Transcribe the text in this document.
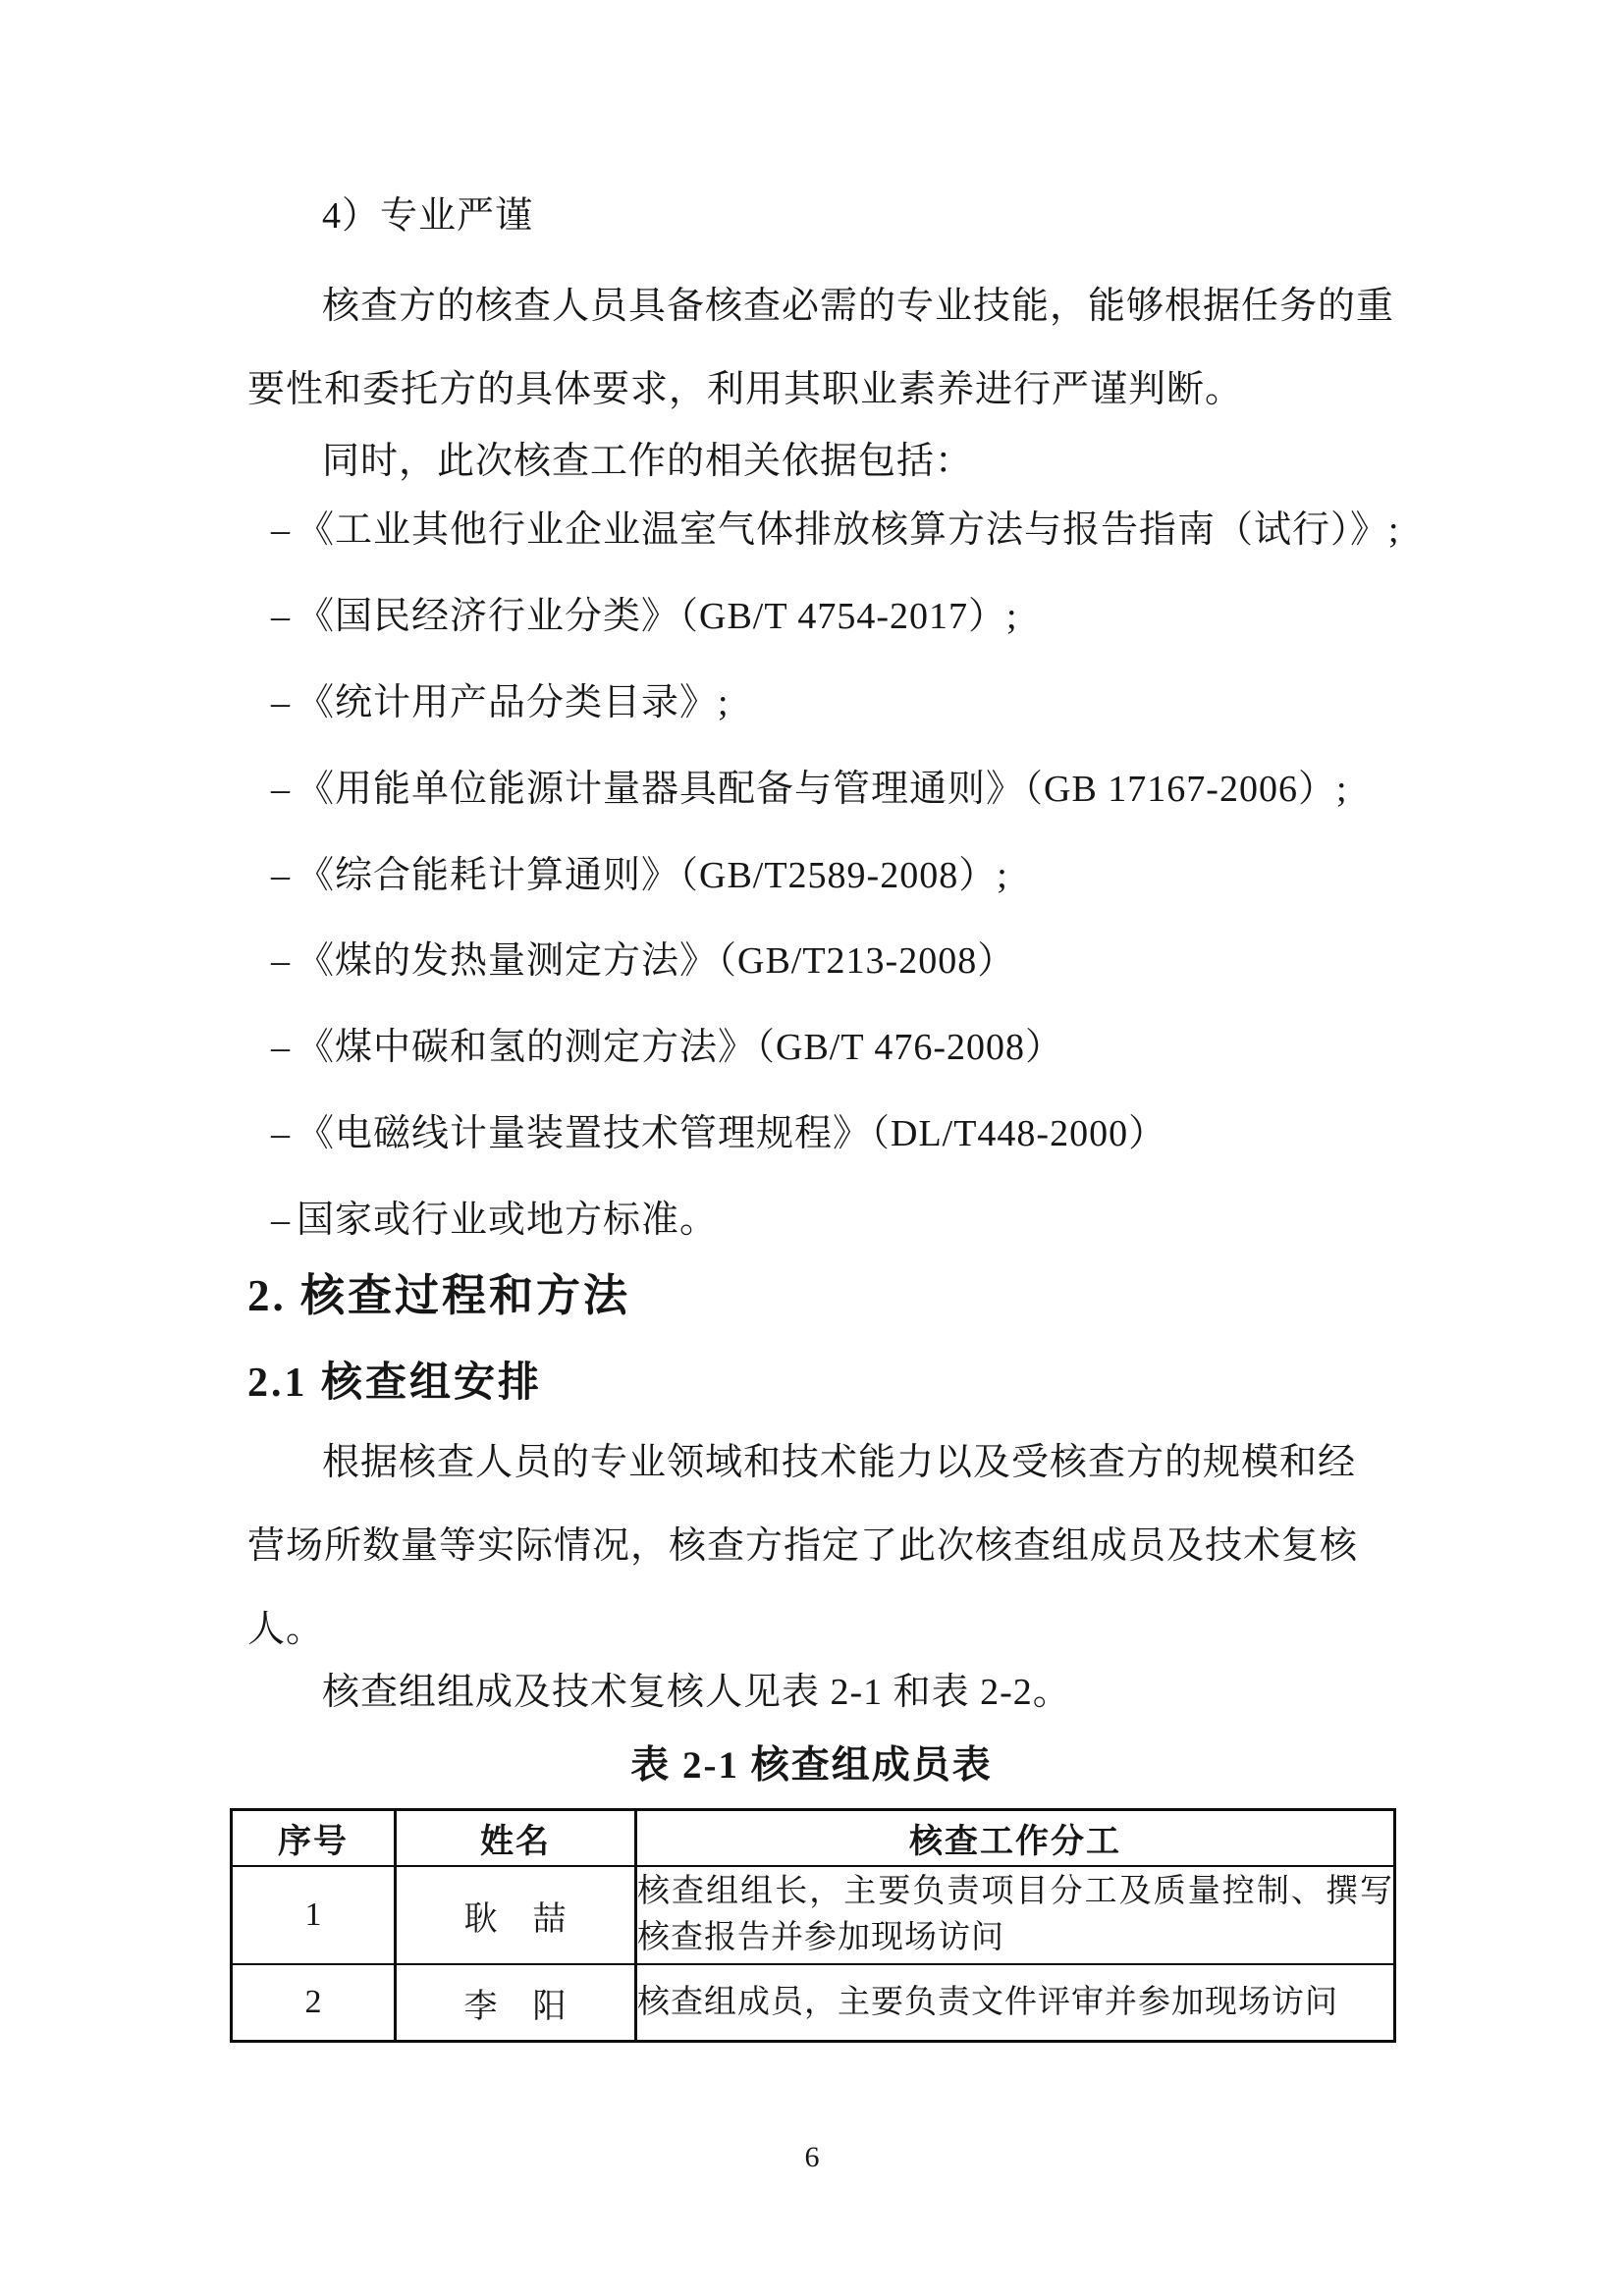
4）专业严谨
核查方的核查人员具备核查必需的专业技能，能够根据任务的重
要性和委托方的具体要求，利用其职业素养进行严谨判断。
同时，此次核查工作的相关依据包括：
– 《工业其他行业企业温室气体排放核算方法与报告指南（试行）》;
– 《国民经济行业分类》（GB/T 4754-2017）;
– 《统计用产品分类目录》;
– 《用能单位能源计量器具配备与管理通则》（GB 17167-2006）;
– 《综合能耗计算通则》（GB/T2589-2008）;
– 《煤的发热量测定方法》（GB/T213-2008）
– 《煤中碳和氢的测定方法》（GB/T 476-2008）
– 《电磁线计量装置技术管理规程》（DL/T448-2000）
– 国家或行业或地方标准。
2. 核查过程和方法
2.1 核查组安排
根据核查人员的专业领域和技术能力以及受核查方的规模和经
营场所数量等实际情况，核查方指定了此次核查组成员及技术复核
人。
核查组组成及技术复核人见表 2-1 和表 2-2。
表 2-1 核查组成员表
序号	姓名	核查工作分工
1	耿　喆	核查组组长，主要负责项目分工及质量控制、撰写核查报告并参加现场访问
2	李　阳	核查组成员，主要负责文件评审并参加现场访问
6
